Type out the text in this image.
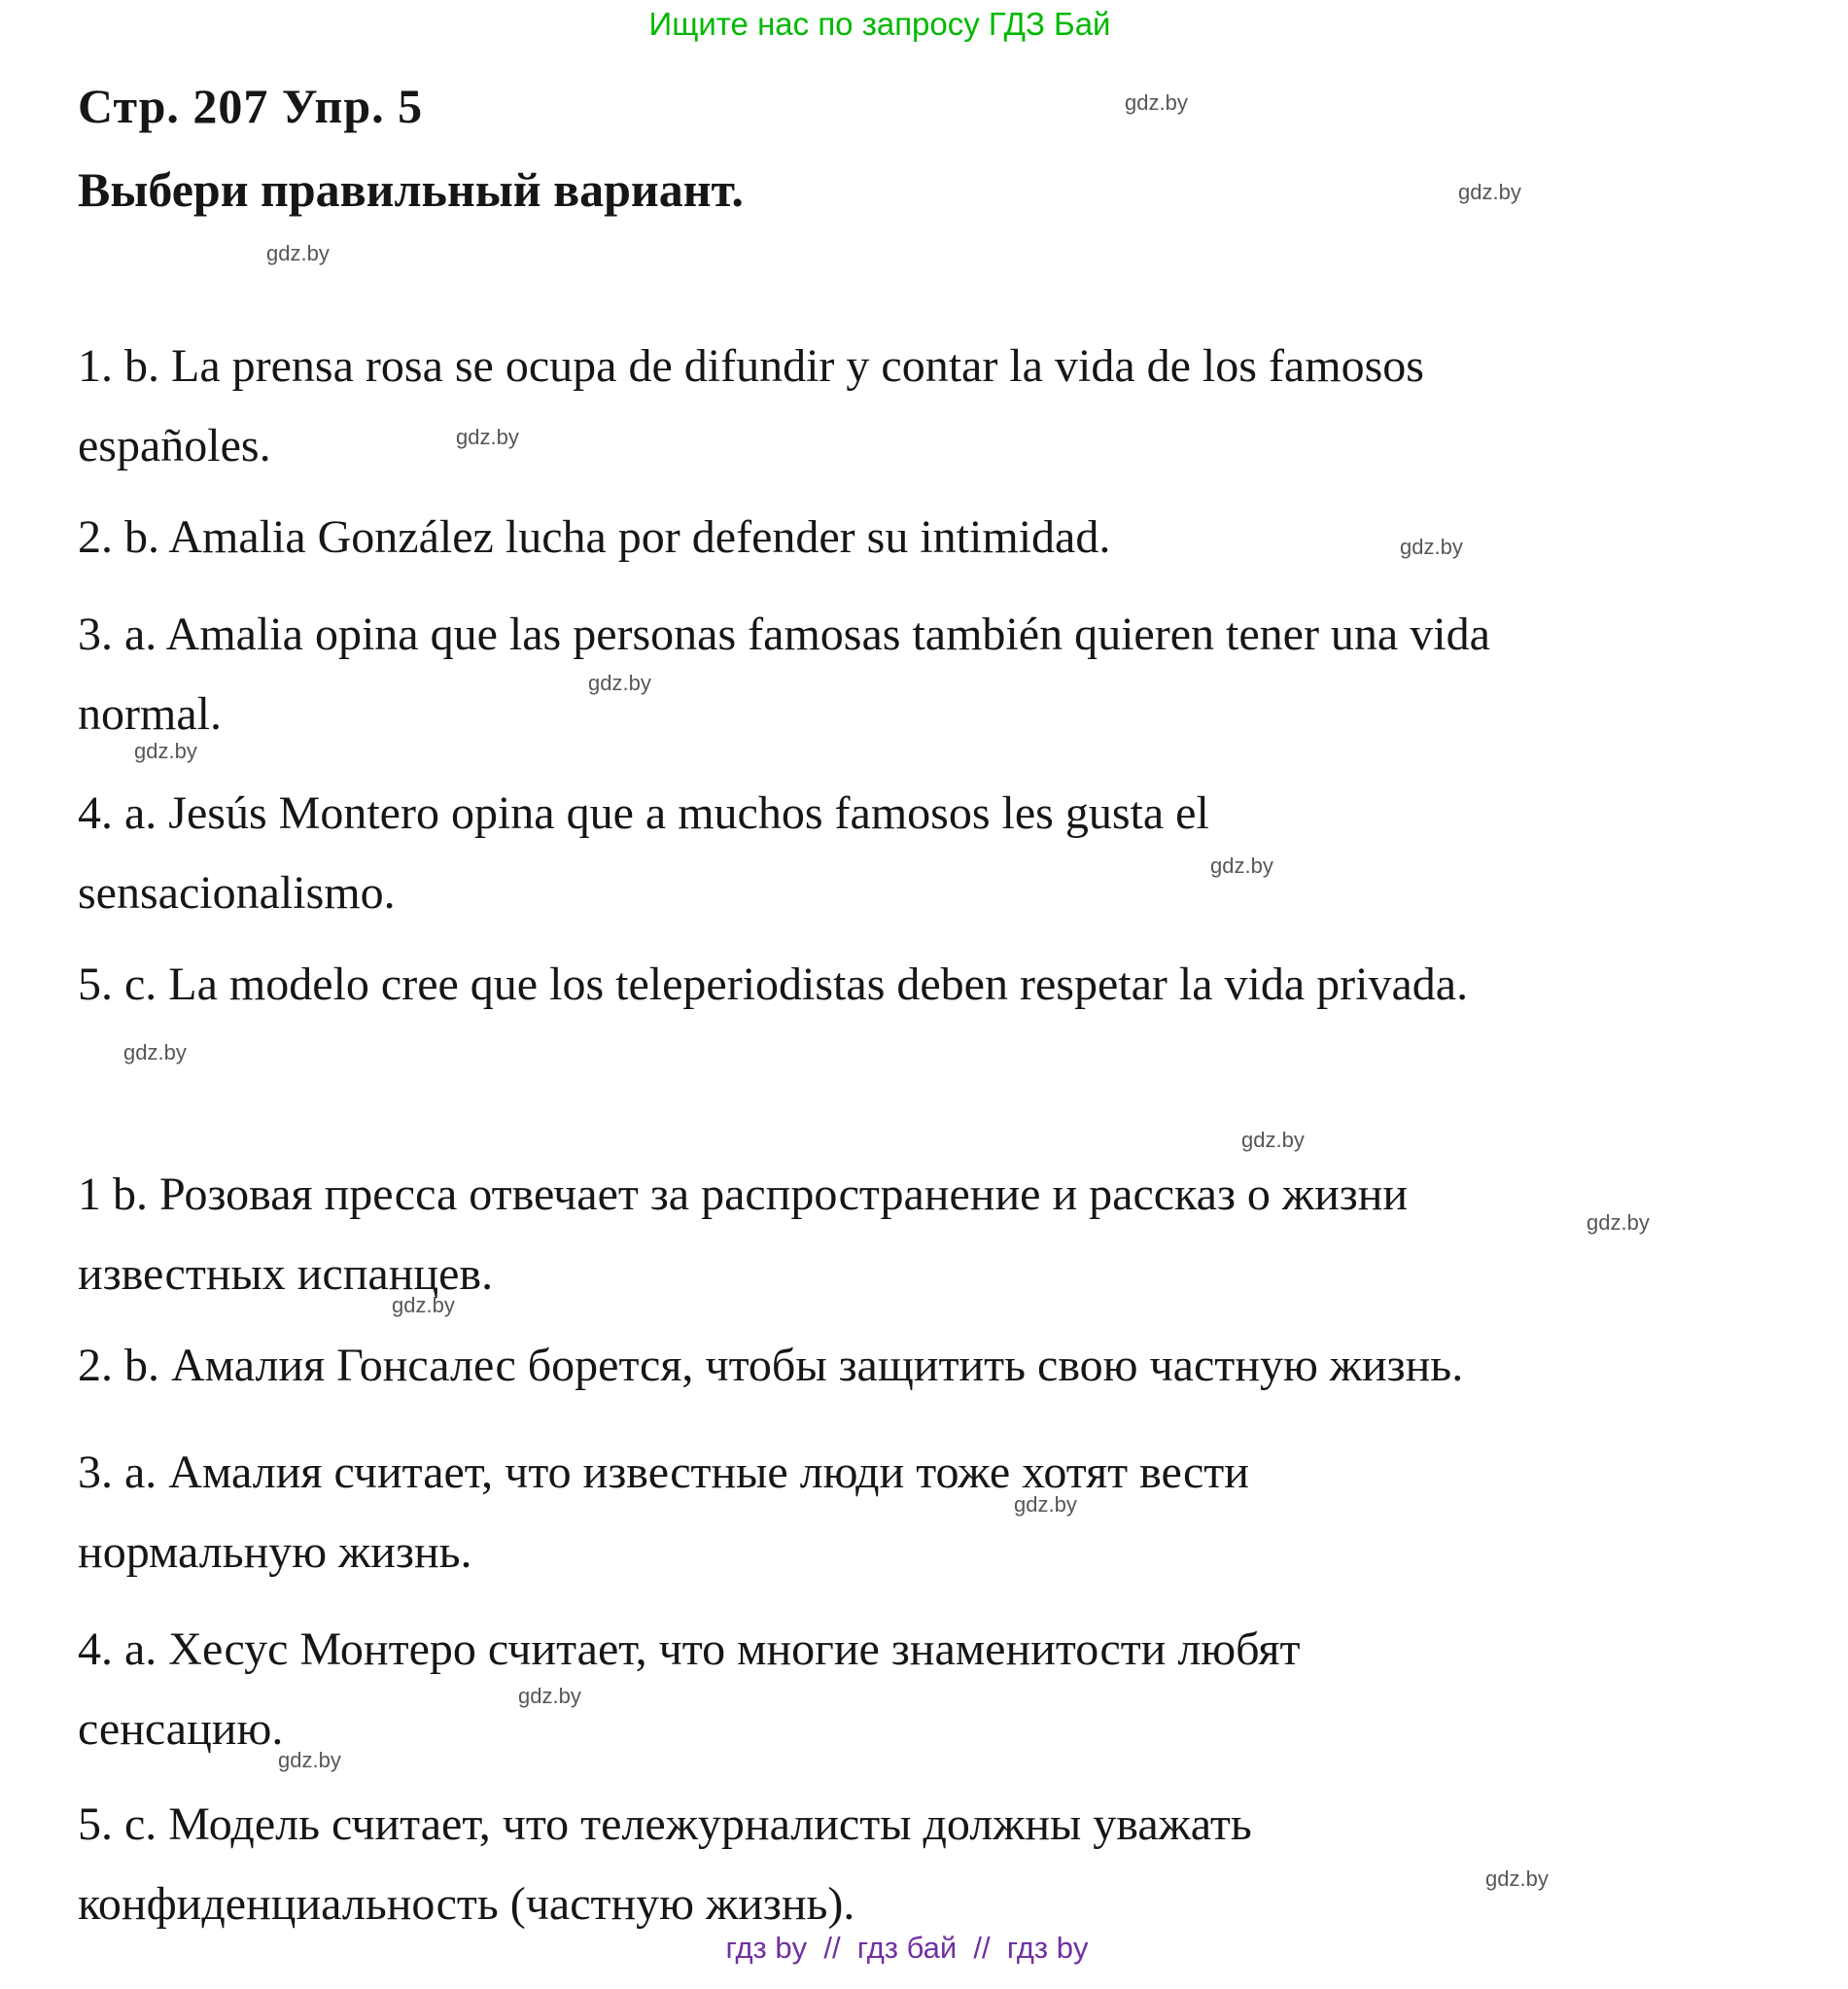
Ищите нас по запросу ГДЗ Бай
Стр. 207 Упр. 5
Выбери правильный вариант.

1. b. La prensa rosa se ocupa de difundir y contar la vida de los famosos
españoles.

2. b. Amalia González lucha por defender su intimidad.

3. a. Amalia opina que las personas famosas también quieren tener una vida
normal.

4. a. Jesús Montero opina que a muchos famosos les gusta el
sensacionalismo.

5. c. La modelo cree que los teleperiodistas deben respetar la vida privada.

1 b. Розовая пресса отвечает за распространение и рассказ о жизни
известных испанцев.

2. b. Амалия Гонсалес борется, чтобы защитить свою частную жизнь.

3. a. Амалия считает, что известные люди тоже хотят вести
нормальную жизнь.

4. a. Хесус Монтеро считает, что многие знаменитости любят
сенсацию.

5. c. Модель считает, что тележурналисты должны уважать
конфиденциальность (частную жизнь).

gdz.by
gdz.by
gdz.by
gdz.by
gdz.by
gdz.by
gdz.by
gdz.by
gdz.by
gdz.by
gdz.by
gdz.by
gdz.by
gdz.by
gdz.by
gdz.by
гдз by  //  гдз бай  //  гдз by
